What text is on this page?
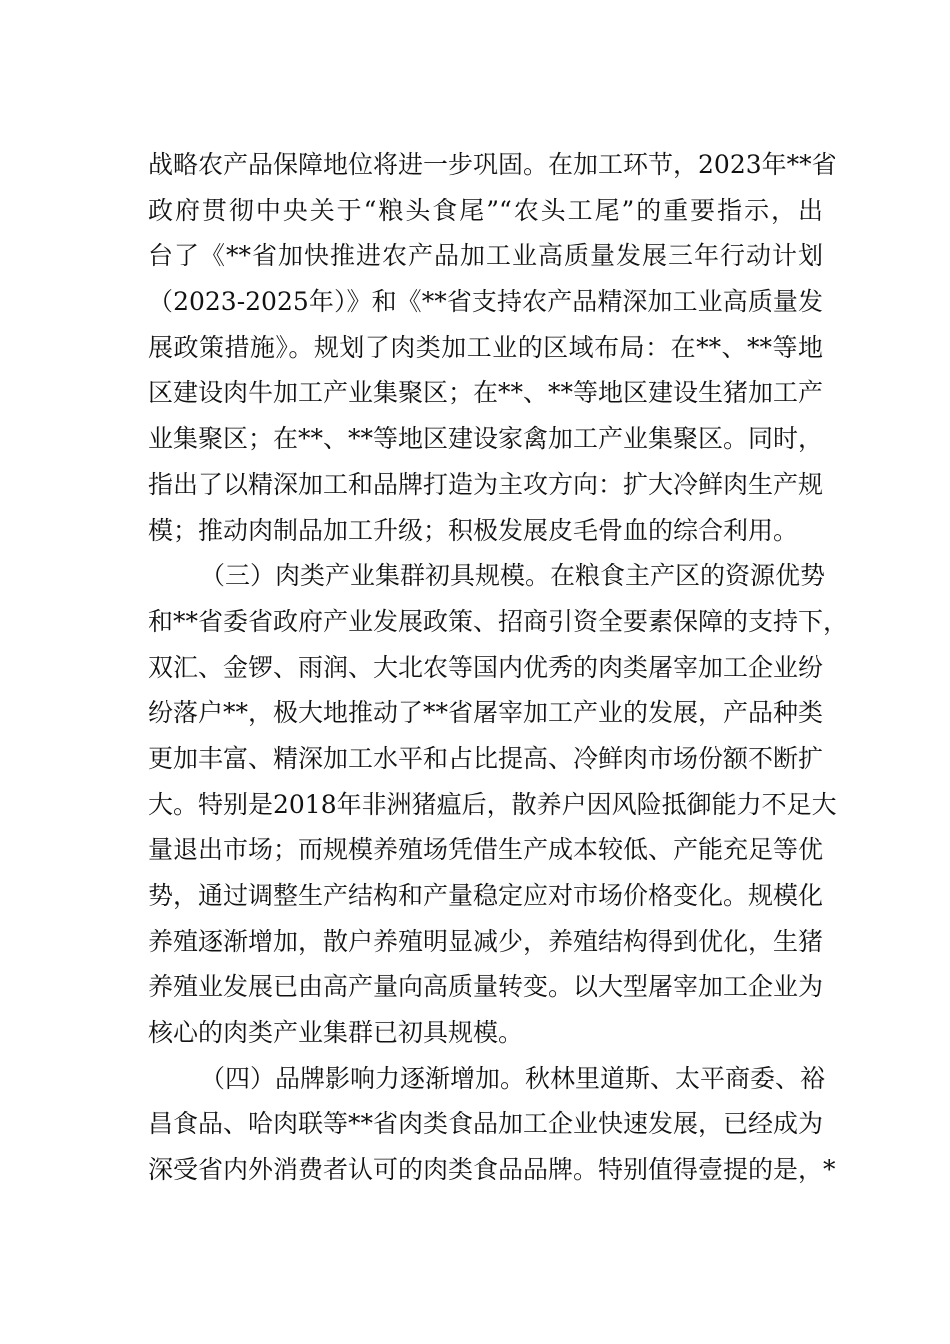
战略农产品保障地位将进一步巩固。在加工环节，2023年**省
政府贯彻中央关于“粮头食尾”“农头工尾”的重要指示，出
台了《**省加快推进农产品加工业高质量发展三年行动计划
（2023-2025年）》和《**省支持农产品精深加工业高质量发
展政策措施》。规划了肉类加工业的区域布局：在**、**等地
区建设肉牛加工产业集聚区；在**、**等地区建设生猪加工产
业集聚区；在**、**等地区建设家禽加工产业集聚区。同时，
指出了以精深加工和品牌打造为主攻方向：扩大冷鲜肉生产规
模；推动肉制品加工升级；积极发展皮毛骨血的综合利用。
（三）肉类产业集群初具规模。在粮食主产区的资源优势
和**省委省政府产业发展政策、招商引资全要素保障的支持下，
双汇、金锣、雨润、大北农等国内优秀的肉类屠宰加工企业纷
纷落户**，极大地推动了**省屠宰加工产业的发展，产品种类
更加丰富、精深加工水平和占比提高、冷鲜肉市场份额不断扩
大。特别是2018年非洲猪瘟后，散养户因风险抵御能力不足大
量退出市场；而规模养殖场凭借生产成本较低、产能充足等优
势，通过调整生产结构和产量稳定应对市场价格变化。规模化
养殖逐渐增加，散户养殖明显减少，养殖结构得到优化，生猪
养殖业发展已由高产量向高质量转变。以大型屠宰加工企业为
核心的肉类产业集群已初具规模。
（四）品牌影响力逐渐增加。秋林里道斯、太平商委、裕
昌食品、哈肉联等**省肉类食品加工企业快速发展，已经成为
深受省内外消费者认可的肉类食品品牌。特别值得壹提的是，*
